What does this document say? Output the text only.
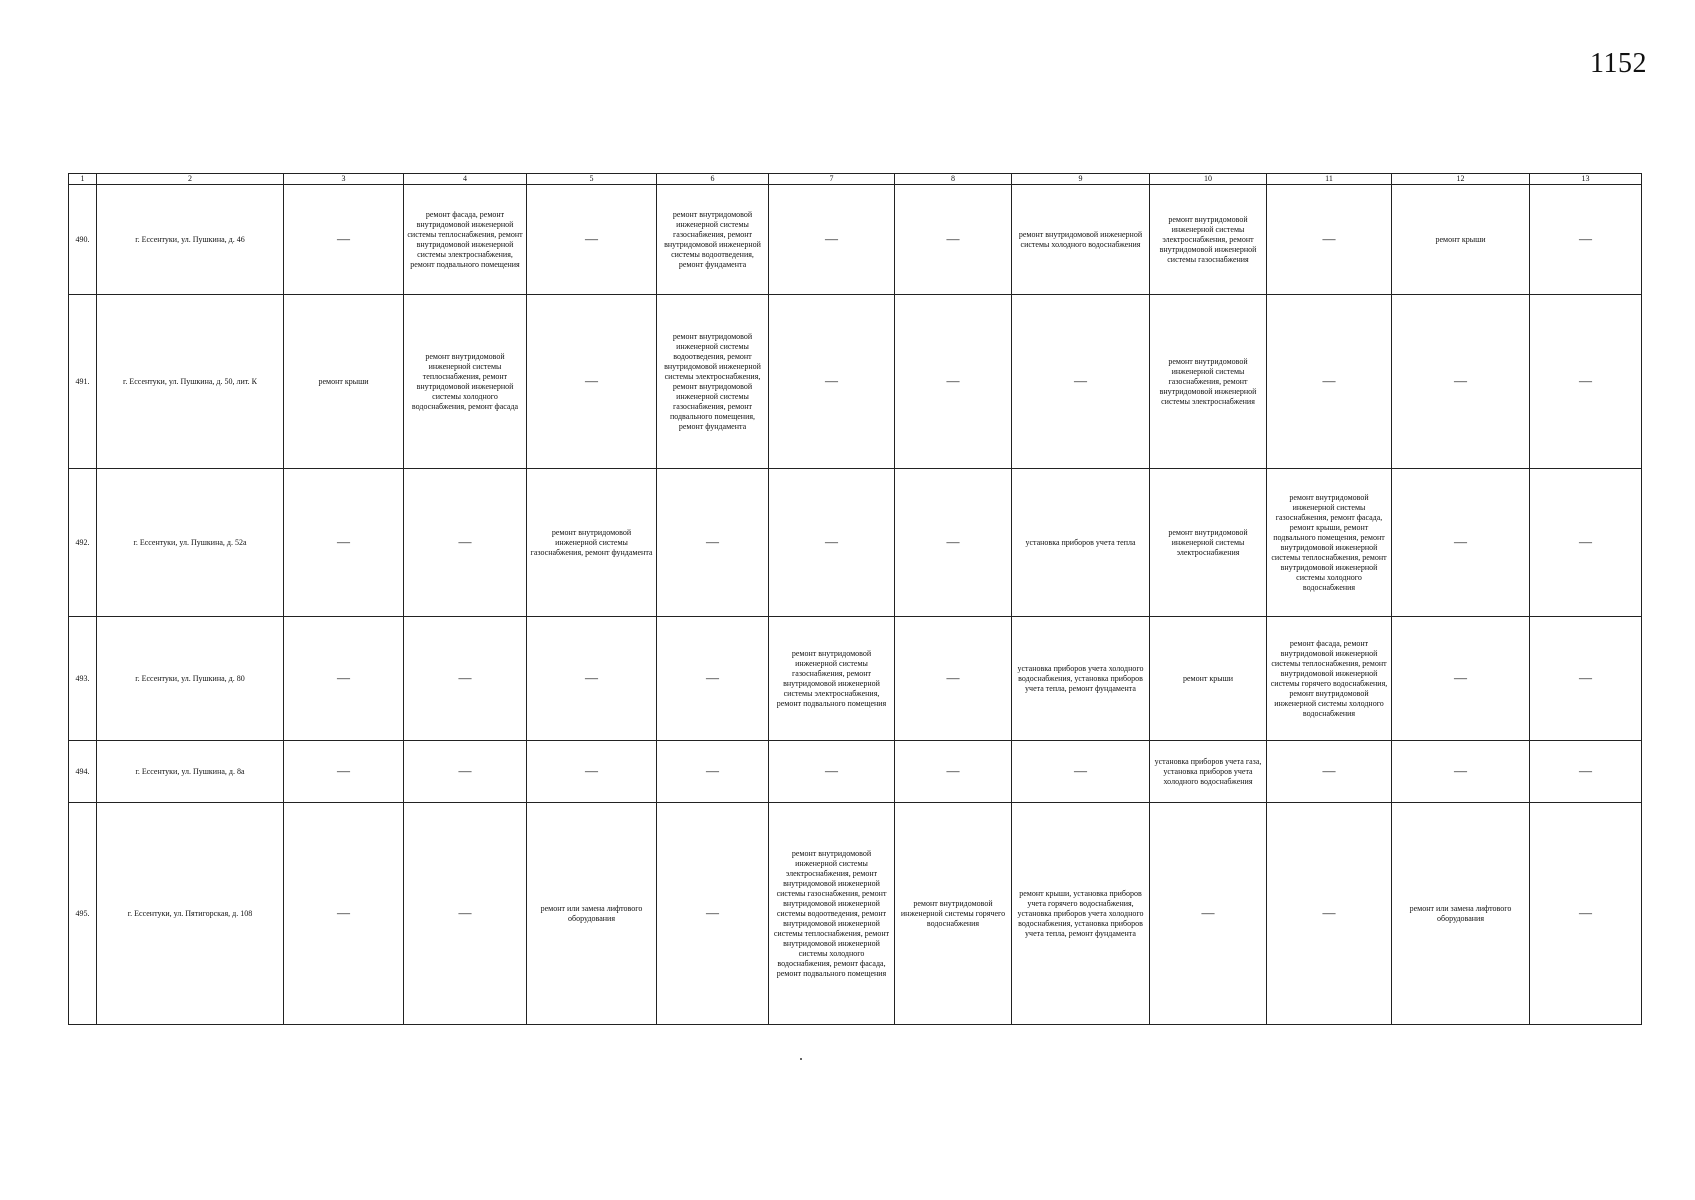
1152
1	2	3	4	5	6	7	8	9	10	11	12	13
490.	г. Ессентуки, ул. Пушкина, д. 46	—	ремонт фасада, ремонт внутридомовой инженерной системы теплоснабжения, ремонт внутридомовой инженерной системы электроснабжения, ремонт подвального помещения	—	ремонт внутридомовой инженерной системы газоснабжения, ремонт внутридомовой инженерной системы водоотведения, ремонт фундамента	—	—	ремонт внутридомовой инженерной системы холодного водоснабжения	ремонт внутридомовой инженерной системы электроснабжения, ремонт внутридомовой инженерной системы газоснабжения	—	ремонт крыши	—
491.	г. Ессентуки, ул. Пушкина, д. 50, лит. К	ремонт крыши	ремонт внутридомовой инженерной системы теплоснабжения, ремонт внутридомовой инженерной системы холодного водоснабжения, ремонт фасада	—	ремонт внутридомовой инженерной системы водоотведения, ремонт внутридомовой инженерной системы электроснабжения, ремонт внутридомовой инженерной системы газоснабжения, ремонт подвального помещения, ремонт фундамента	—	—	—	ремонт внутридомовой инженерной системы газоснабжения, ремонт внутридомовой инженерной системы электроснабжения	—	—	—
492.	г. Ессентуки, ул. Пушкина, д. 52а	—	—	ремонт внутридомовой инженерной системы газоснабжения, ремонт фундамента	—	—	—	установка приборов учета тепла	ремонт внутридомовой инженерной системы электроснабжения	ремонт внутридомовой инженерной системы газоснабжения, ремонт фасада, ремонт крыши, ремонт подвального помещения, ремонт внутридомовой инженерной системы теплоснабжения, ремонт внутридомовой инженерной системы холодного водоснабжения	—	—
493.	г. Ессентуки, ул. Пушкина, д. 80	—	—	—	—	ремонт внутридомовой инженерной системы газоснабжения, ремонт внутридомовой инженерной системы электроснабжения, ремонт подвального помещения	—	установка приборов учета холодного водоснабжения, установка приборов учета тепла, ремонт фундамента	ремонт крыши	ремонт фасада, ремонт внутридомовой инженерной системы теплоснабжения, ремонт внутридомовой инженерной системы горячего водоснабжения, ремонт внутридомовой инженерной системы холодного водоснабжения	—	—
494.	г. Ессентуки, ул. Пушкина, д. 8а	—	—	—	—	—	—	—	установка приборов учета газа, установка приборов учета холодного водоснабжения	—	—	—
495.	г. Ессентуки, ул. Пятигорская, д. 108	—	—	ремонт или замена лифтового оборудования	—	ремонт внутридомовой инженерной системы электроснабжения, ремонт внутридомовой инженерной системы газоснабжения, ремонт внутридомовой инженерной системы водоотведения, ремонт внутридомовой инженерной системы теплоснабжения, ремонт внутридомовой инженерной системы холодного водоснабжения, ремонт фасада, ремонт подвального помещения	ремонт внутридомовой инженерной системы горячего водоснабжения	ремонт крыши, установка приборов учета горячего водоснабжения, установка приборов учета холодного водоснабжения, установка приборов учета тепла, ремонт фундамента	—	—	ремонт или замена лифтового оборудования	—
